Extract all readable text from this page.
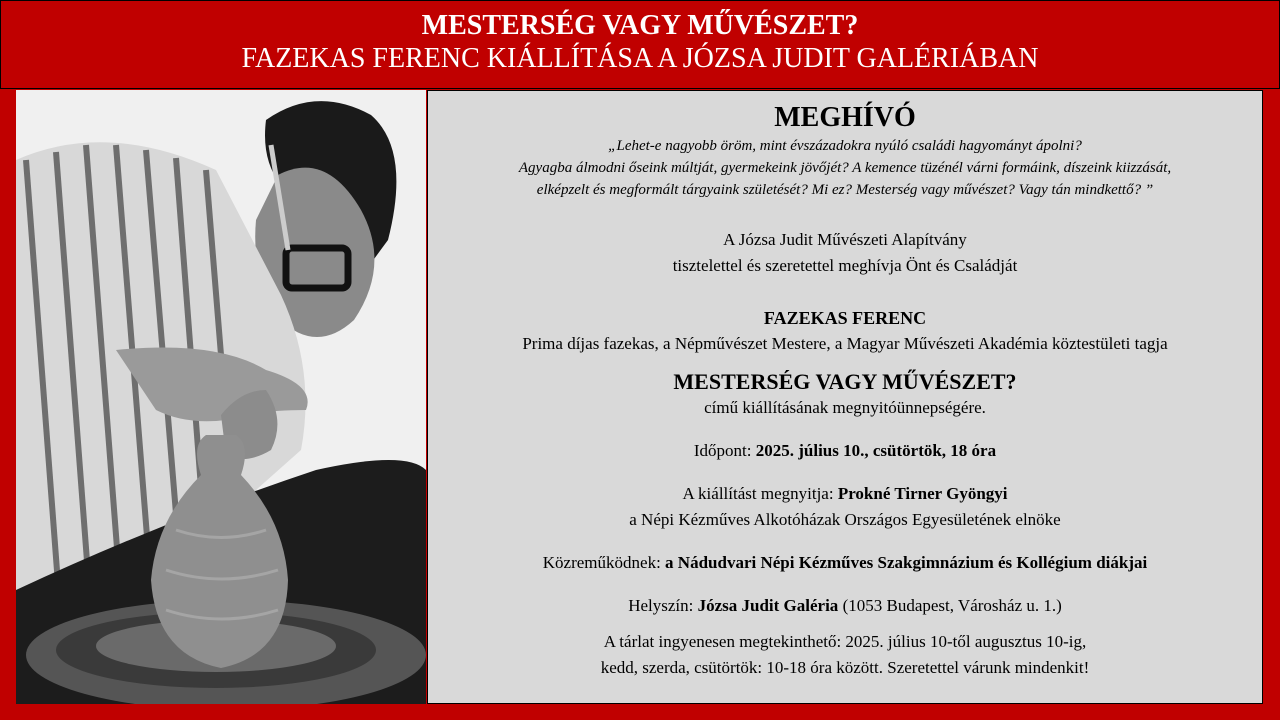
MESTERSÉG VAGY MŰVÉSZET?
FAZEKAS FERENC KIÁLLÍTÁSA A JÓZSA JUDIT GALÉRIÁBAN
MEGHÍVÓ
„Lehet-e nagyobb öröm, mint évszázadokra nyúló családi hagyományt ápolni?
Agyagba álmodni őseink múltját, gyermekeink jövőjét? A kemence tüzénél várni formáink, díszeink kiizzását,
elképzelt és megformált tárgyaink születését? Mi ez? Mesterség vagy művészet? Vagy tán mindkettő? ”
A Józsa Judit Művészeti Alapítvány
tisztelettel és szeretettel meghívja Önt és Családját
FAZEKAS FERENC
Prima díjas fazekas, a Népművészet Mestere, a Magyar Művészeti Akadémia köztestületi tagja
MESTERSÉG VAGY MŰVÉSZET?
című kiállításának megnyitóünnepségére.
Időpont: 2025. július 10., csütörtök, 18 óra
A kiállítást megnyitja: Prokné Tirner Gyöngyi
a Népi Kézműves Alkotóházak Országos Egyesületének elnöke
Közreműködnek: a Nádudvari Népi Kézműves Szakgimnázium és Kollégium diákjai
Helyszín: Józsa Judit Galéria (1053 Budapest, Városház u. 1.)
A tárlat ingyenesen megtekinthető: 2025. július 10-től augusztus 10-ig,
kedd, szerda, csütörtök: 10-18 óra között. Szeretettel várunk mindenkit!
